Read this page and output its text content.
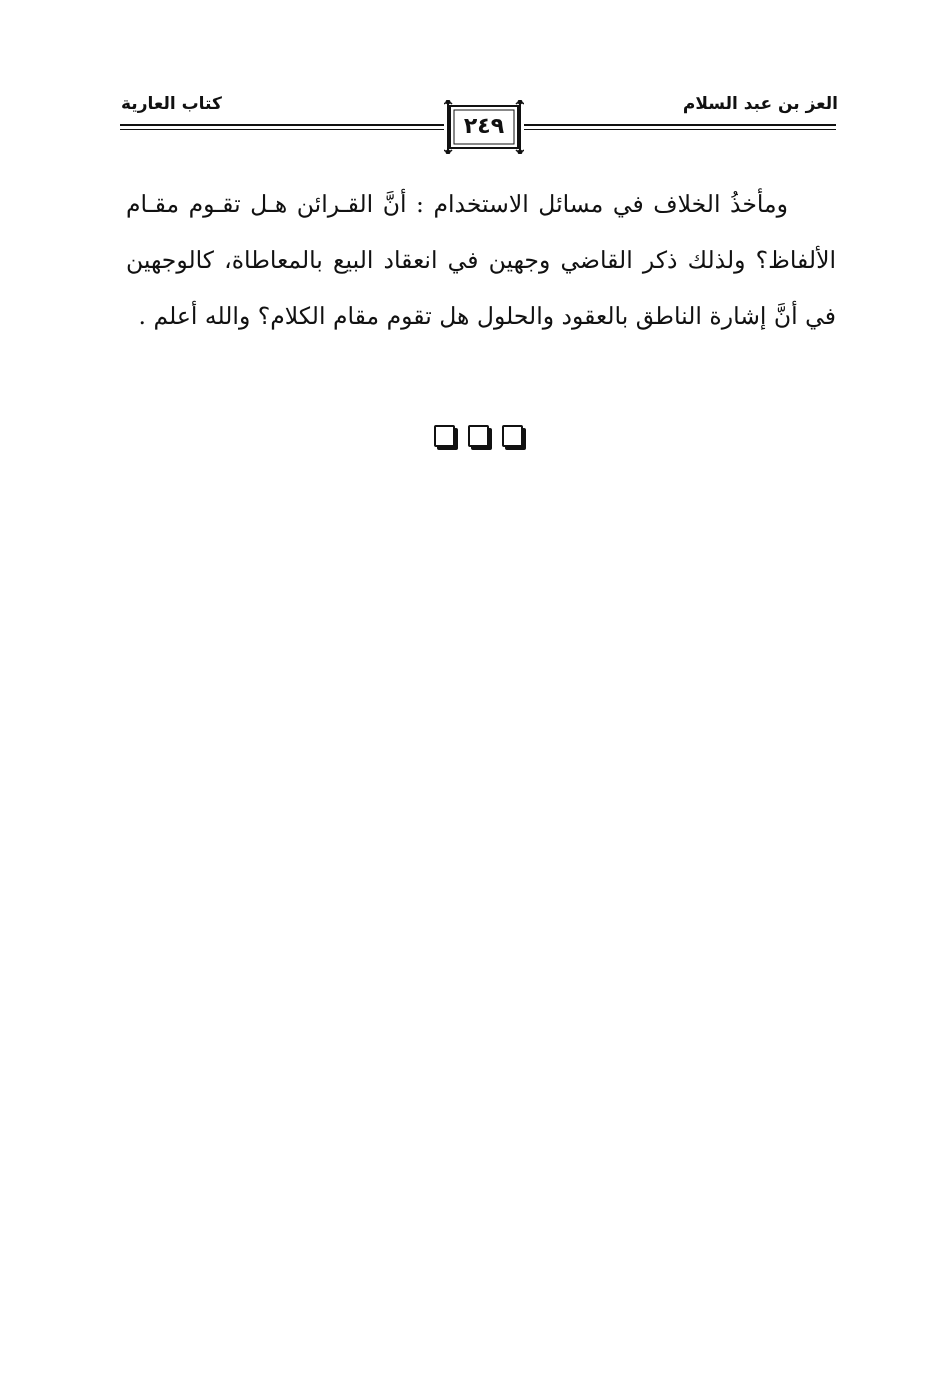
العز بن عبد السلام
كتاب العارية
٢٤٩
ومأخذُ الخلاف في مسائل الاستخدام : أنَّ القـرائن هـل تقـوم مقـام
الألفاظ؟ ولذلك ذكر القاضي وجهين في انعقاد البيع بالمعاطاة، كالوجهين
في أنَّ إشارة الناطق بالعقود والحلول هل تقوم مقام الكلام؟ والله أعلم .
